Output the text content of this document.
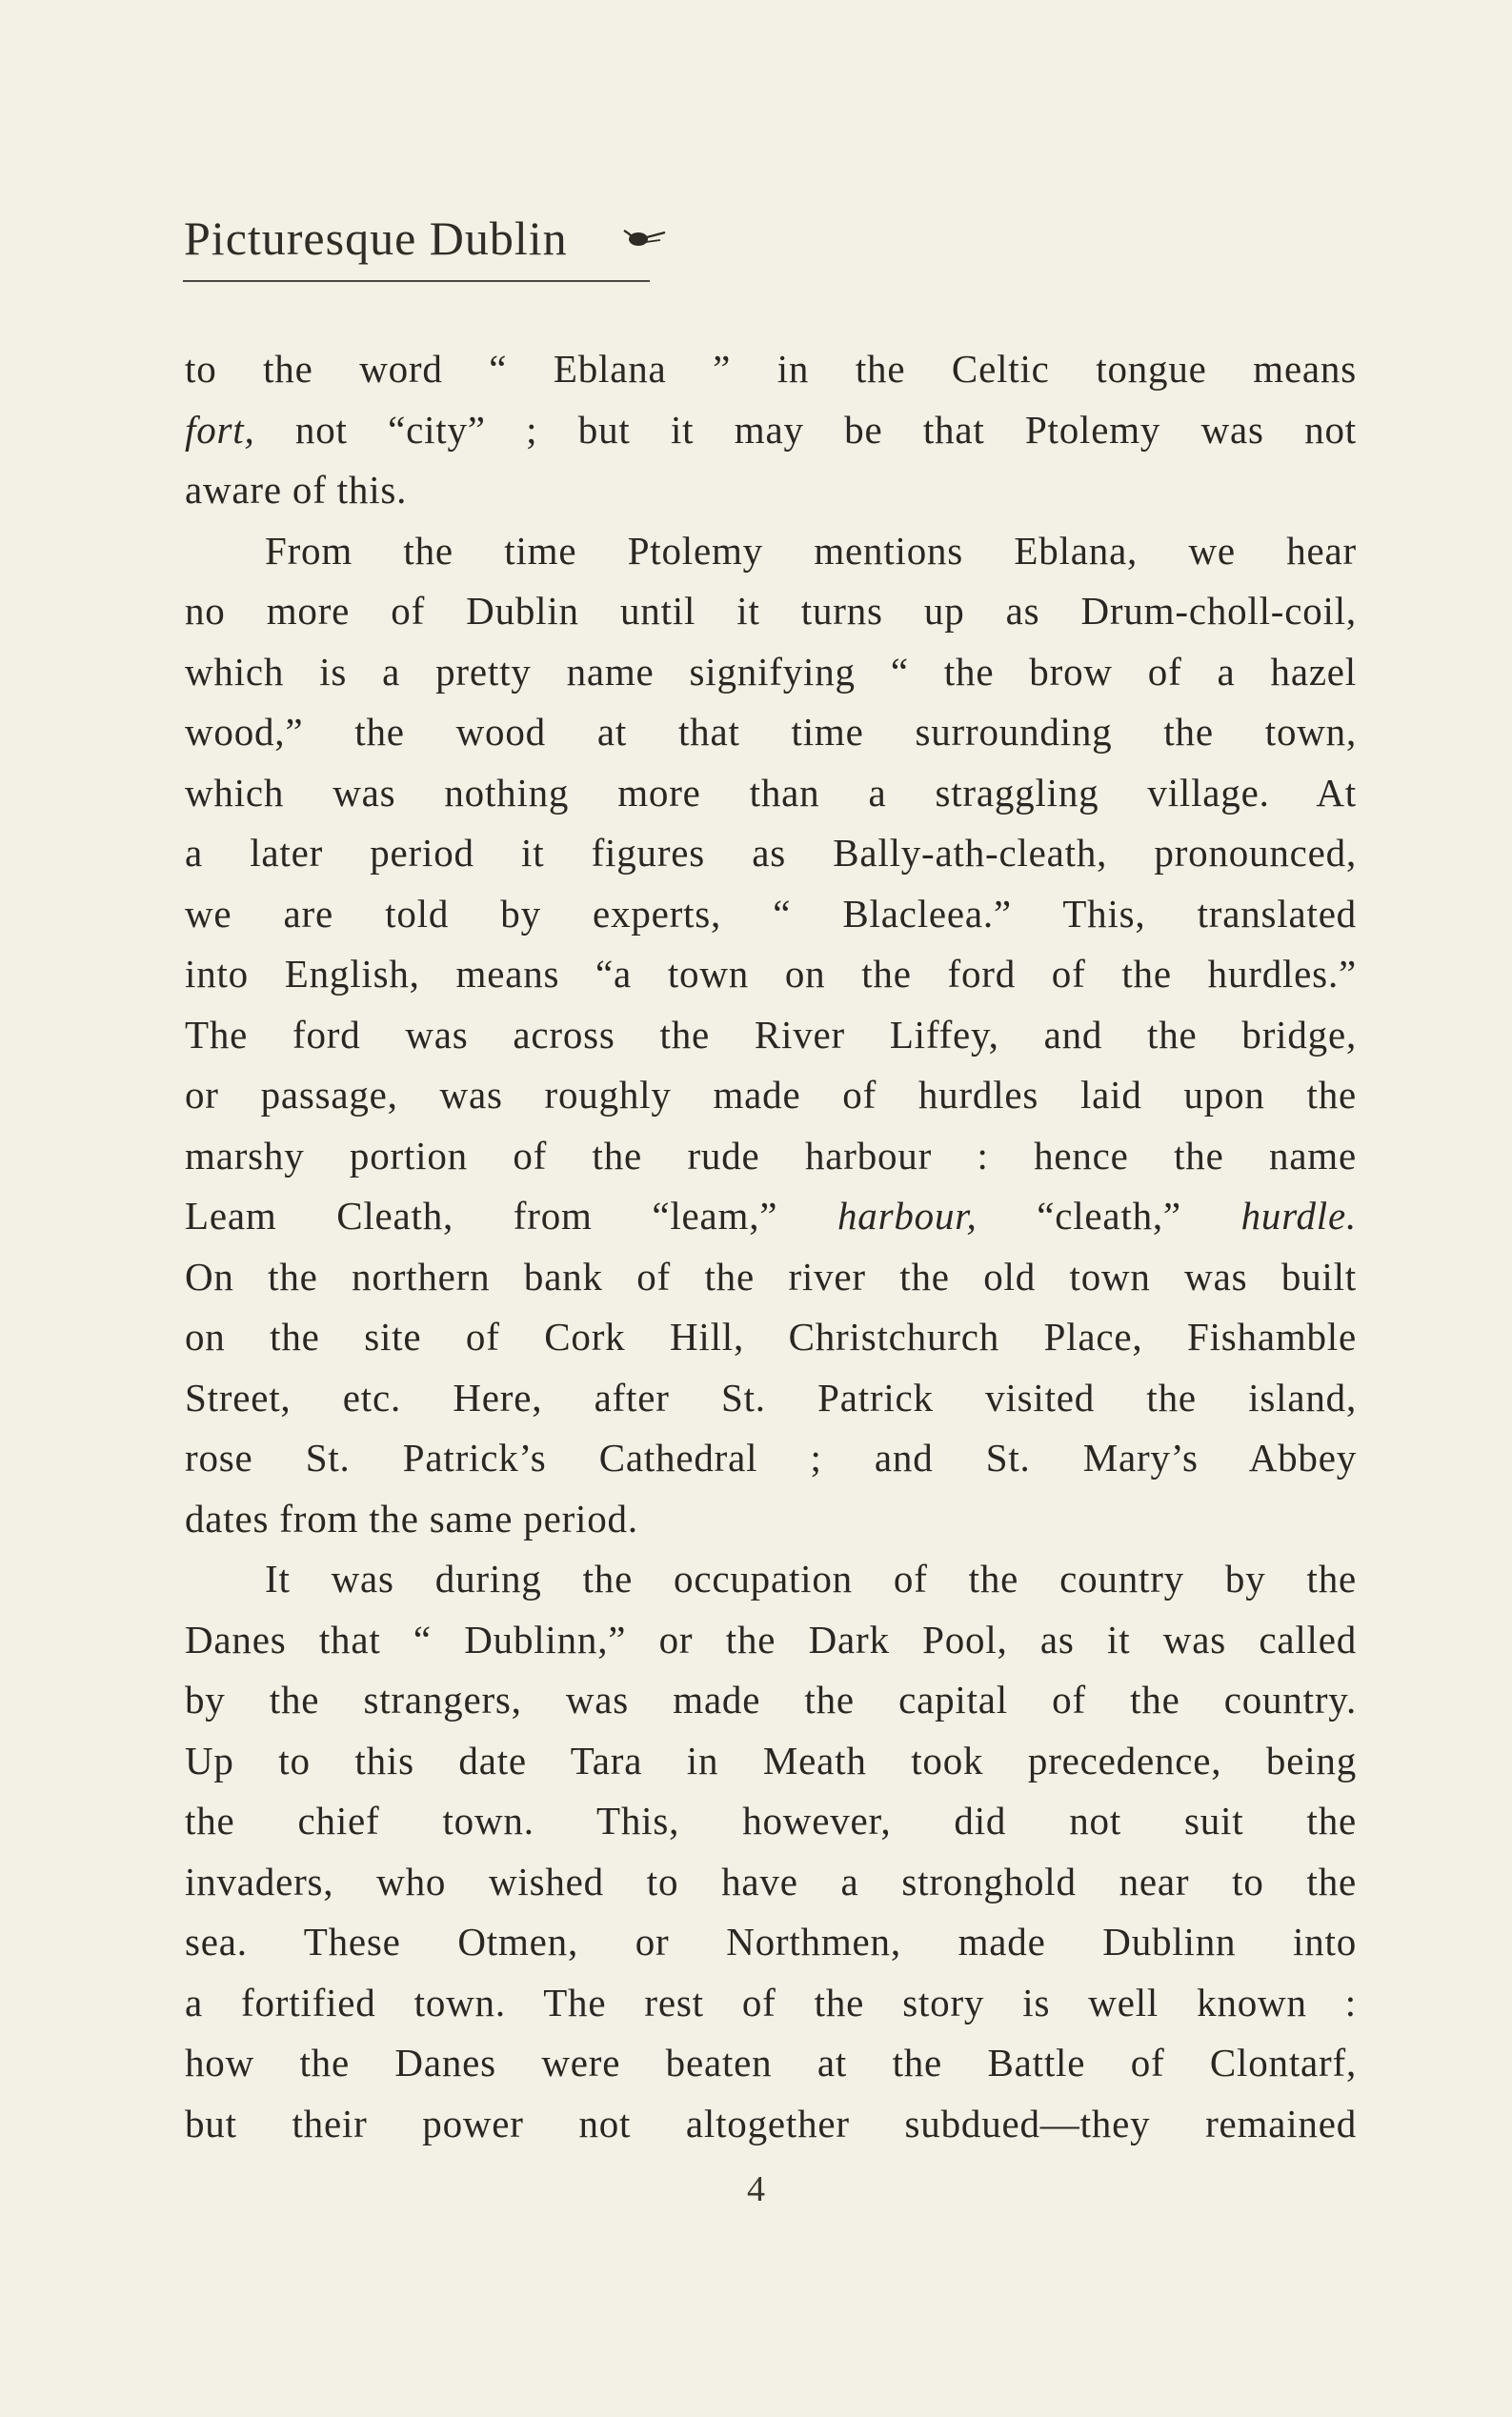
Picturesque Dublin
to the word “ Eblana ” in the Celtic tongue means
fort, not “city” ; but it may be that Ptolemy was not
aware of this.
From the time Ptolemy mentions Eblana, we hear
no more of Dublin until it turns up as Drum-choll-coil,
which is a pretty name signifying “ the brow of a hazel
wood,” the wood at that time surrounding the town,
which was nothing more than a straggling village. At
a later period it figures as Bally-ath-cleath, pronounced,
we are told by experts, “ Blacleea.” This, translated
into English, means “a town on the ford of the hurdles.”
The ford was across the River Liffey, and the bridge,
or passage, was roughly made of hurdles laid upon the
marshy portion of the rude harbour : hence the name
Leam Cleath, from “leam,” harbour, “cleath,” hurdle.
On the northern bank of the river the old town was built
on the site of Cork Hill, Christchurch Place, Fishamble
Street, etc. Here, after St. Patrick visited the island,
rose St. Patrick’s Cathedral ; and St. Mary’s Abbey
dates from the same period.
It was during the occupation of the country by the
Danes that “ Dublinn,” or the Dark Pool, as it was called
by the strangers, was made the capital of the country.
Up to this date Tara in Meath took precedence, being
the chief town. This, however, did not suit the
invaders, who wished to have a stronghold near to the
sea. These Otmen, or Northmen, made Dublinn into
a fortified town. The rest of the story is well known :
how the Danes were beaten at the Battle of Clontarf,
but their power not altogether subdued—they remained
4
